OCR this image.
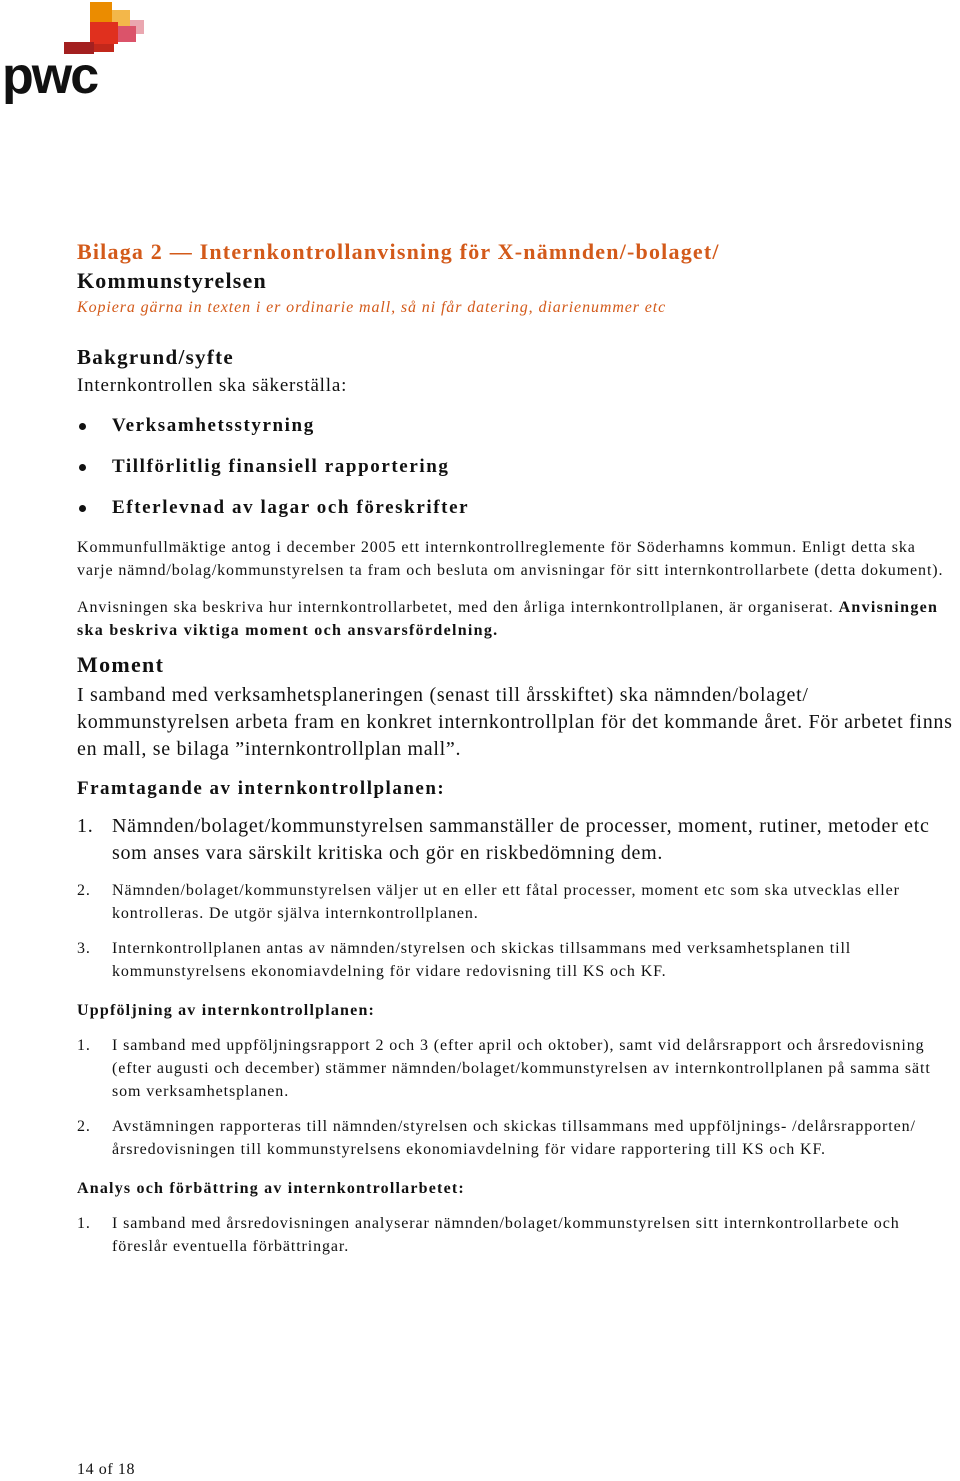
pwc
Bilaga 2 — Internkontrollanvisning för X-nämnden/-bolaget/
Kommunstyrelsen

Kopiera gärna in texten i er ordinarie mall, så ni får datering, diarienummer etc

Bakgrund/syfte

Internkontrollen ska säkerställa:

Verksamhetsstyrning
Tillförlitlig finansiell rapportering
Efterlevnad av lagar och föreskrifter

Kommunfullmäktige antog i december 2005 ett internkontrollreglemente för Söderhamns kommun. Enligt detta ska varje nämnd/bolag/kommunstyrelsen ta fram och besluta om anvisningar för sitt internkontrollarbete (detta dokument).

Anvisningen ska beskriva hur internkontrollarbetet, med den årliga internkontrollplanen, är organiserat. Anvisningen ska beskriva viktiga moment och ansvarsfördelning.

Moment

I samband med verksamhetsplaneringen (senast till årsskiftet) ska nämnden/bolaget/ kommunstyrelsen arbeta fram en konkret internkontrollplan för det kommande året. För arbetet finns en mall, se bilaga ”internkontrollplan mall”.

Framtagande av internkontrollplanen:
1. Nämnden/bolaget/kommunstyrelsen sammanställer de processer, moment, rutiner, metoder etc som anses vara särskilt kritiska och gör en riskbedömning dem.
2. Nämnden/bolaget/kommunstyrelsen väljer ut en eller ett fåtal processer, moment etc som ska utvecklas eller kontrolleras. De utgör själva internkontrollplanen.
3. Internkontrollplanen antas av nämnden/styrelsen och skickas tillsammans med verksamhetsplanen till kommunstyrelsens ekonomiavdelning för vidare redovisning till KS och KF.
Uppföljning av internkontrollplanen:
1. I samband med uppföljningsrapport 2 och 3 (efter april och oktober), samt vid delårsrapport och årsredovisning (efter augusti och december) stämmer nämnden/bolaget/kommunstyrelsen av internkontrollplanen på samma sätt som verksamhetsplanen.
2. Avstämningen rapporteras till nämnden/styrelsen och skickas tillsammans med uppföljnings- /delårsrapporten/årsredovisningen till kommunstyrelsens ekonomiavdelning för vidare rapportering till KS och KF.
Analys och förbättring av internkontrollarbetet:
1. I samband med årsredovisningen analyserar nämnden/bolaget/kommunstyrelsen sitt internkontrollarbete och föreslår eventuella förbättringar.
14 of 18
